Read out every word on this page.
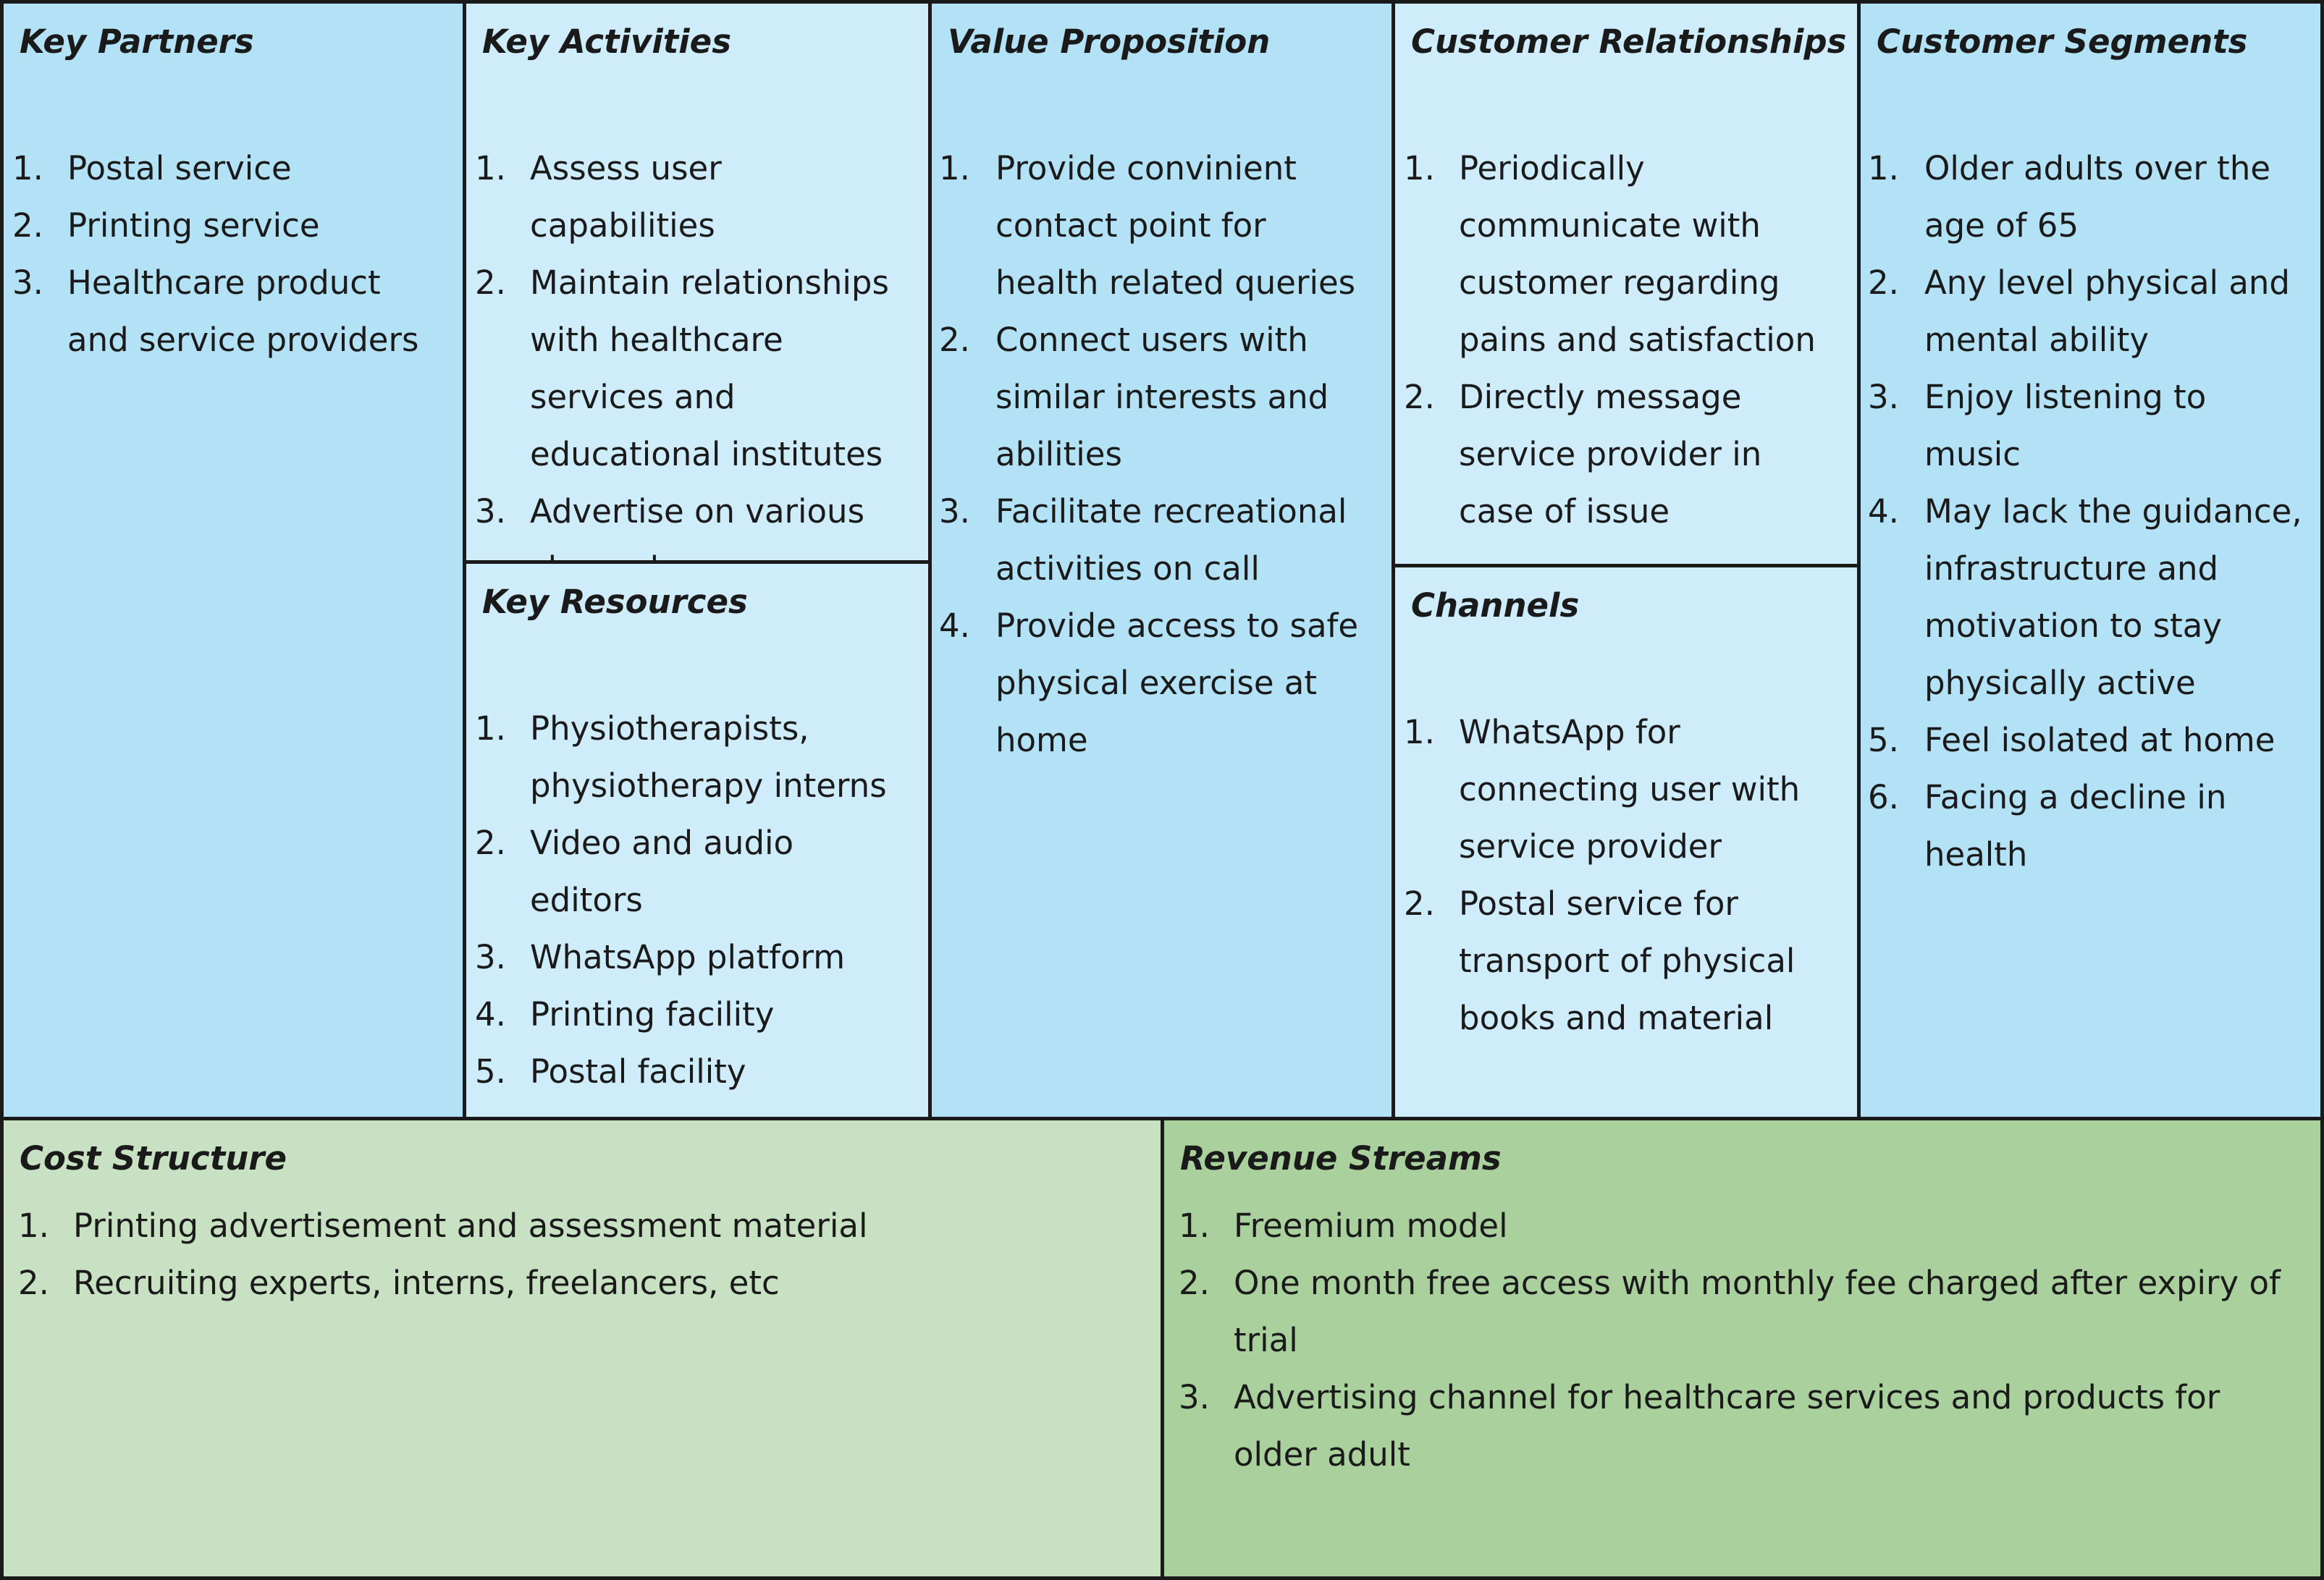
Key Partners
1. Postal service
2. Printing service
3. Healthcare product and service providers
Key Activities
1. Assess user capabilities
2. Maintain relationships with healthcare services and educational institutes
3. Advertise on various
Key Resources
1. Physiotherapists, physiotherapy interns
2. Video and audio editors
3. WhatsApp platform
4. Printing facility
5. Postal facility
Value Proposition
1. Provide convinient contact point for health related queries
2. Connect users with similar interests and abilities
3. Facilitate recreational activities on call
4. Provide access to safe physical exercise at home
Customer Relationships
1. Periodically communicate with customer regarding pains and satisfaction
2. Directly message service provider in case of issue
Channels
1. WhatsApp for connecting user with service provider
2. Postal service for transport of physical books and material
Customer Segments
1. Older adults over the age of 65
2. Any level physical and mental ability
3. Enjoy listening to music
4. May lack the guidance, infrastructure and motivation to stay physically active
5. Feel isolated at home
6. Facing a decline in health
Cost Structure
1. Printing advertisement and assessment material
2. Recruiting experts, interns, freelancers, etc
Revenue Streams
1. Freemium model
2. One month free access with monthly fee charged after expiry of trial
3. Advertising channel for healthcare services and products for older adult
